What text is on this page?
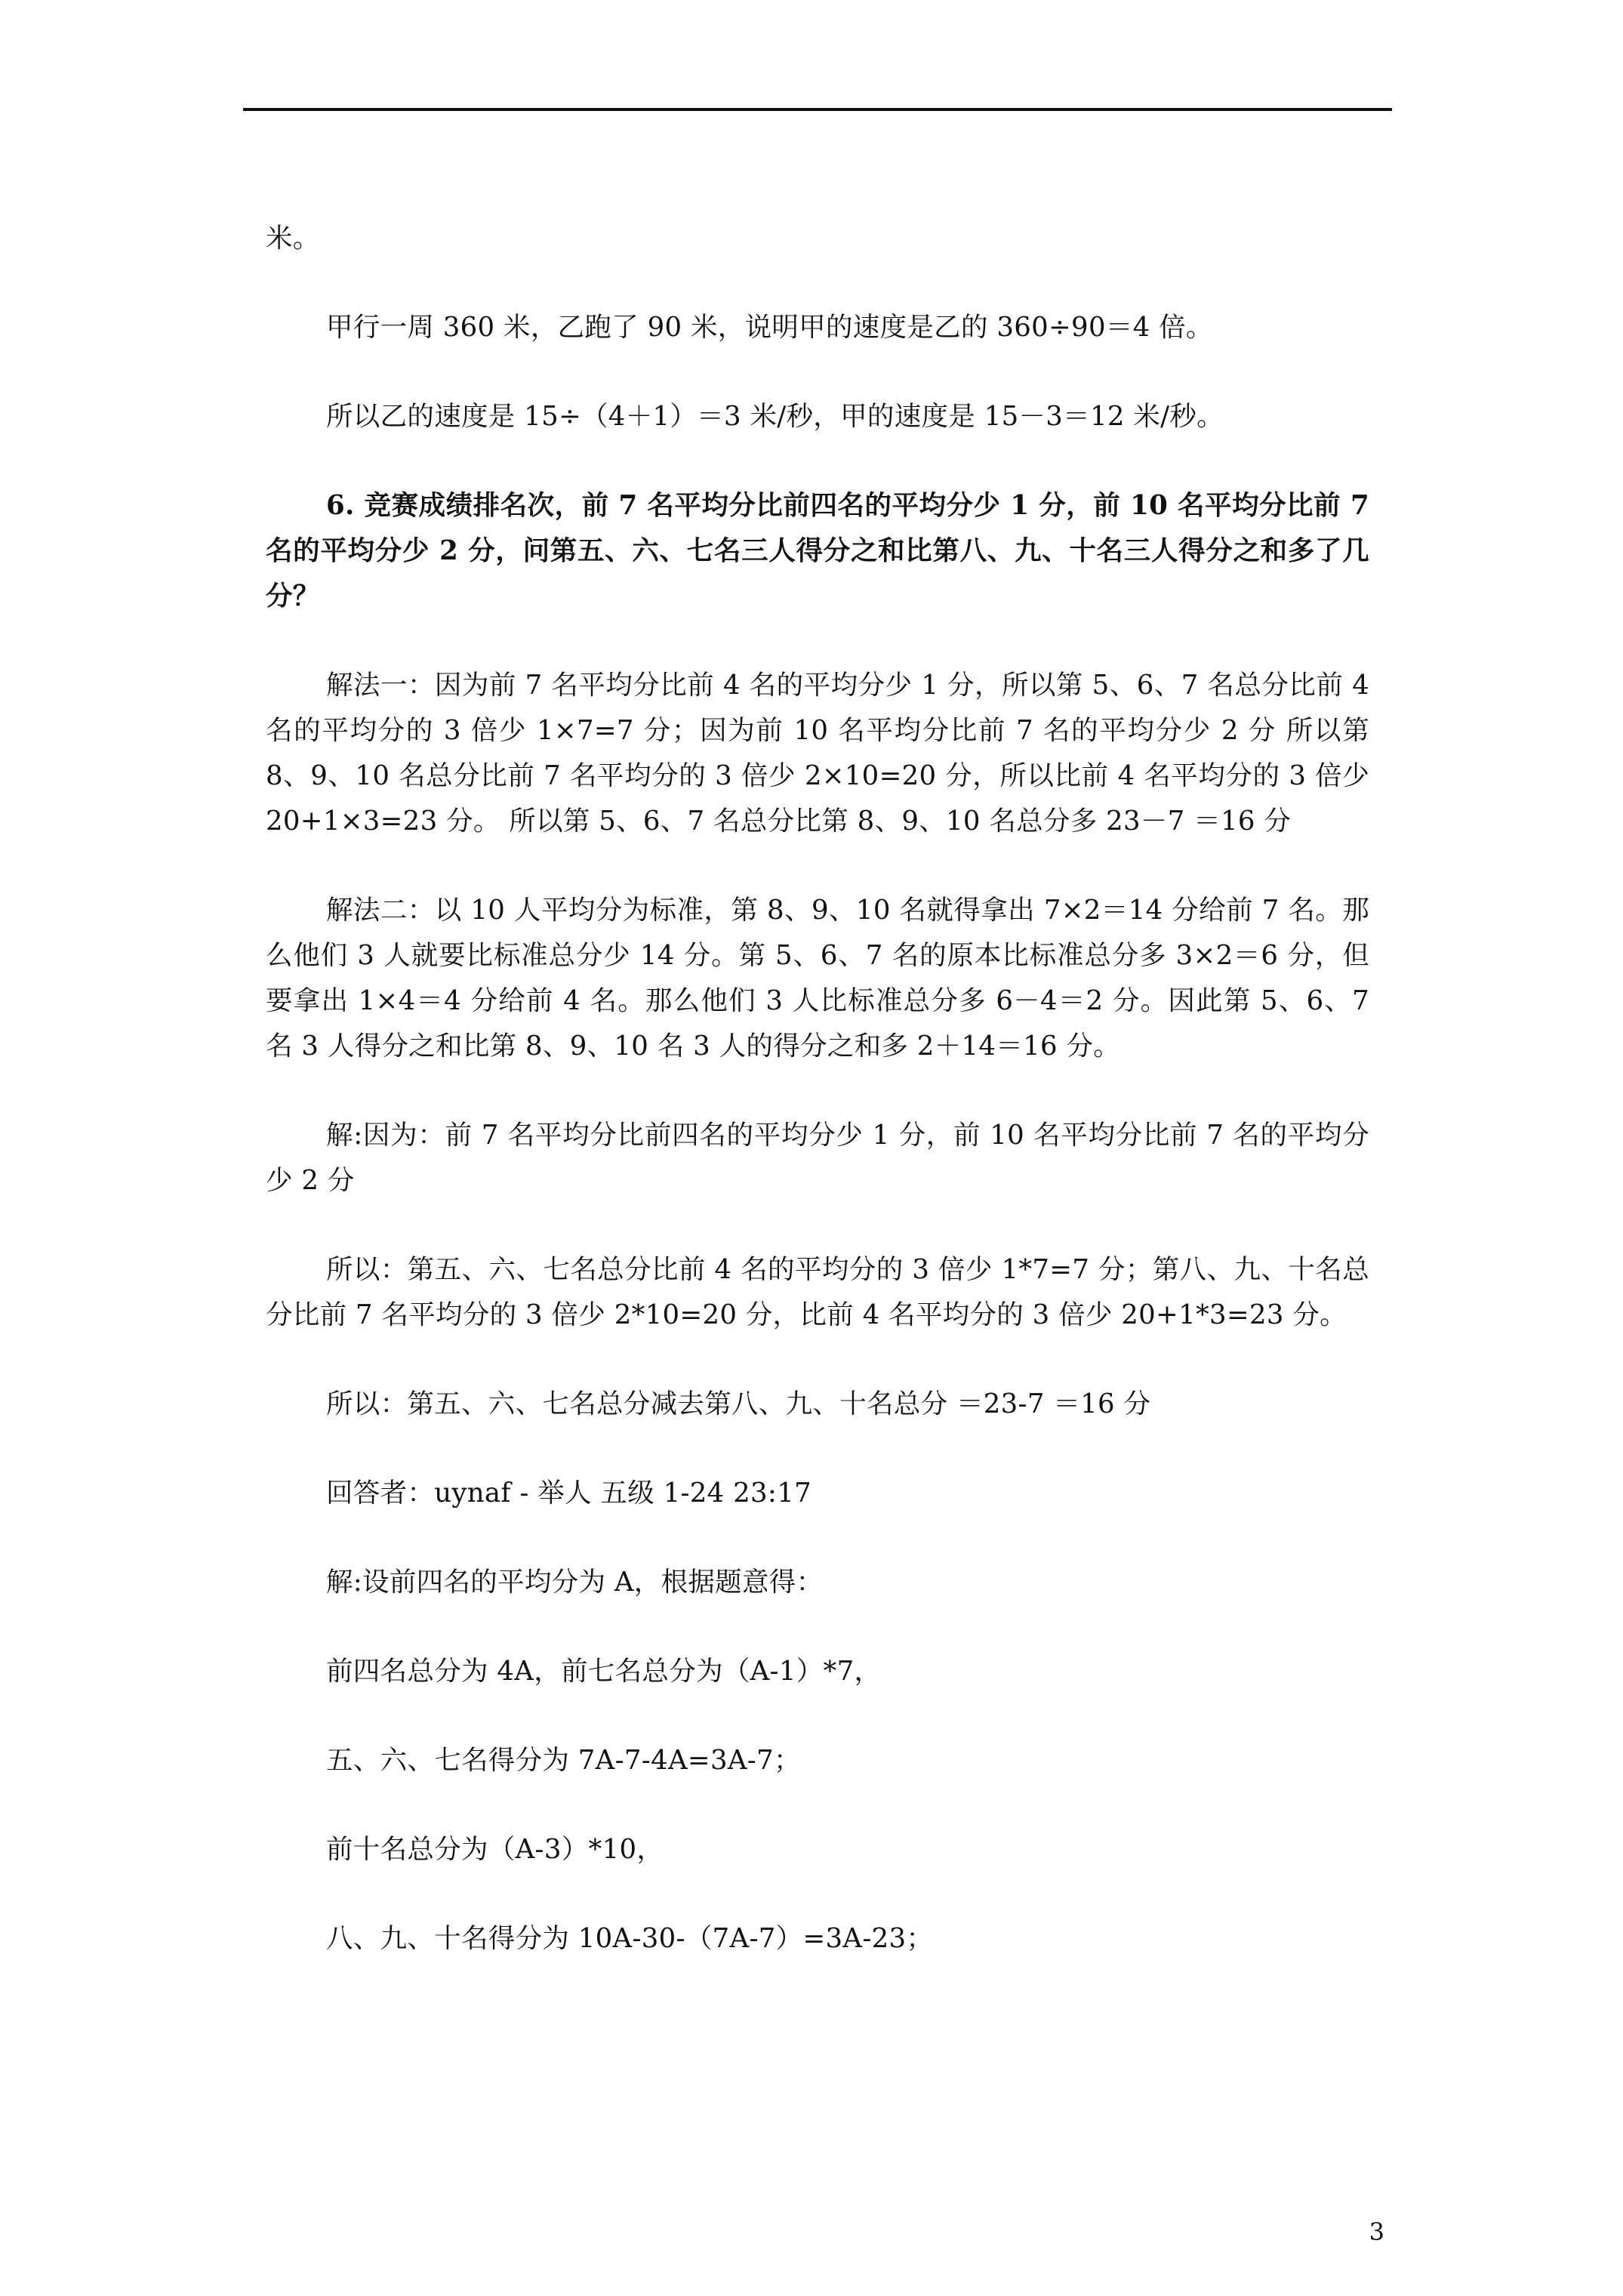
米。

甲行一周 360 米，乙跑了 90 米，说明甲的速度是乙的 360÷90＝4 倍。

所以乙的速度是 15÷（4＋1）＝3 米/秒，甲的速度是 15－3＝12 米/秒。

6. 竞赛成绩排名次，前 7 名平均分比前四名的平均分少 1 分，前 10 名平均分比前 7 名的平均分少 2 分，问第五、六、七名三人得分之和比第八、九、十名三人得分之和多了几分？

解法一：因为前 7 名平均分比前 4 名的平均分少 1 分，所以第 5、6、7 名总分比前 4 名的平均分的 3 倍少 1×7=7 分；因为前 10 名平均分比前 7 名的平均分少 2 分 所以第 8、9、10 名总分比前 7 名平均分的 3 倍少 2×10=20 分，所以比前 4 名平均分的 3 倍少 20+1×3=23 分。 所以第 5、6、7 名总分比第 8、9、10 名总分多 23－7 ＝16 分

解法二：以 10 人平均分为标准，第 8、9、10 名就得拿出 7×2＝14 分给前 7 名。那么他们 3 人就要比标准总分少 14 分。第 5、6、7 名的原本比标准总分多 3×2＝6 分，但要拿出 1×4＝4 分给前 4 名。那么他们 3 人比标准总分多 6－4＝2 分。因此第 5、6、7 名 3 人得分之和比第 8、9、10 名 3 人的得分之和多 2＋14＝16 分。

解:因为：前 7 名平均分比前四名的平均分少 1 分，前 10 名平均分比前 7 名的平均分少 2 分

所以：第五、六、七名总分比前 4 名的平均分的 3 倍少 1*7=7 分；第八、九、十名总分比前 7 名平均分的 3 倍少 2*10=20 分，比前 4 名平均分的 3 倍少 20+1*3=23 分。

所以：第五、六、七名总分减去第八、九、十名总分 ＝23-7 ＝16 分

回答者：uynaf - 举人 五级 1-24 23:17

解:设前四名的平均分为 A，根据题意得：

前四名总分为 4A，前七名总分为（A-1）*7，

五、六、七名得分为 7A-7-4A=3A-7；

前十名总分为（A-3）*10，

八、九、十名得分为 10A-30-（7A-7）=3A-23；

3
